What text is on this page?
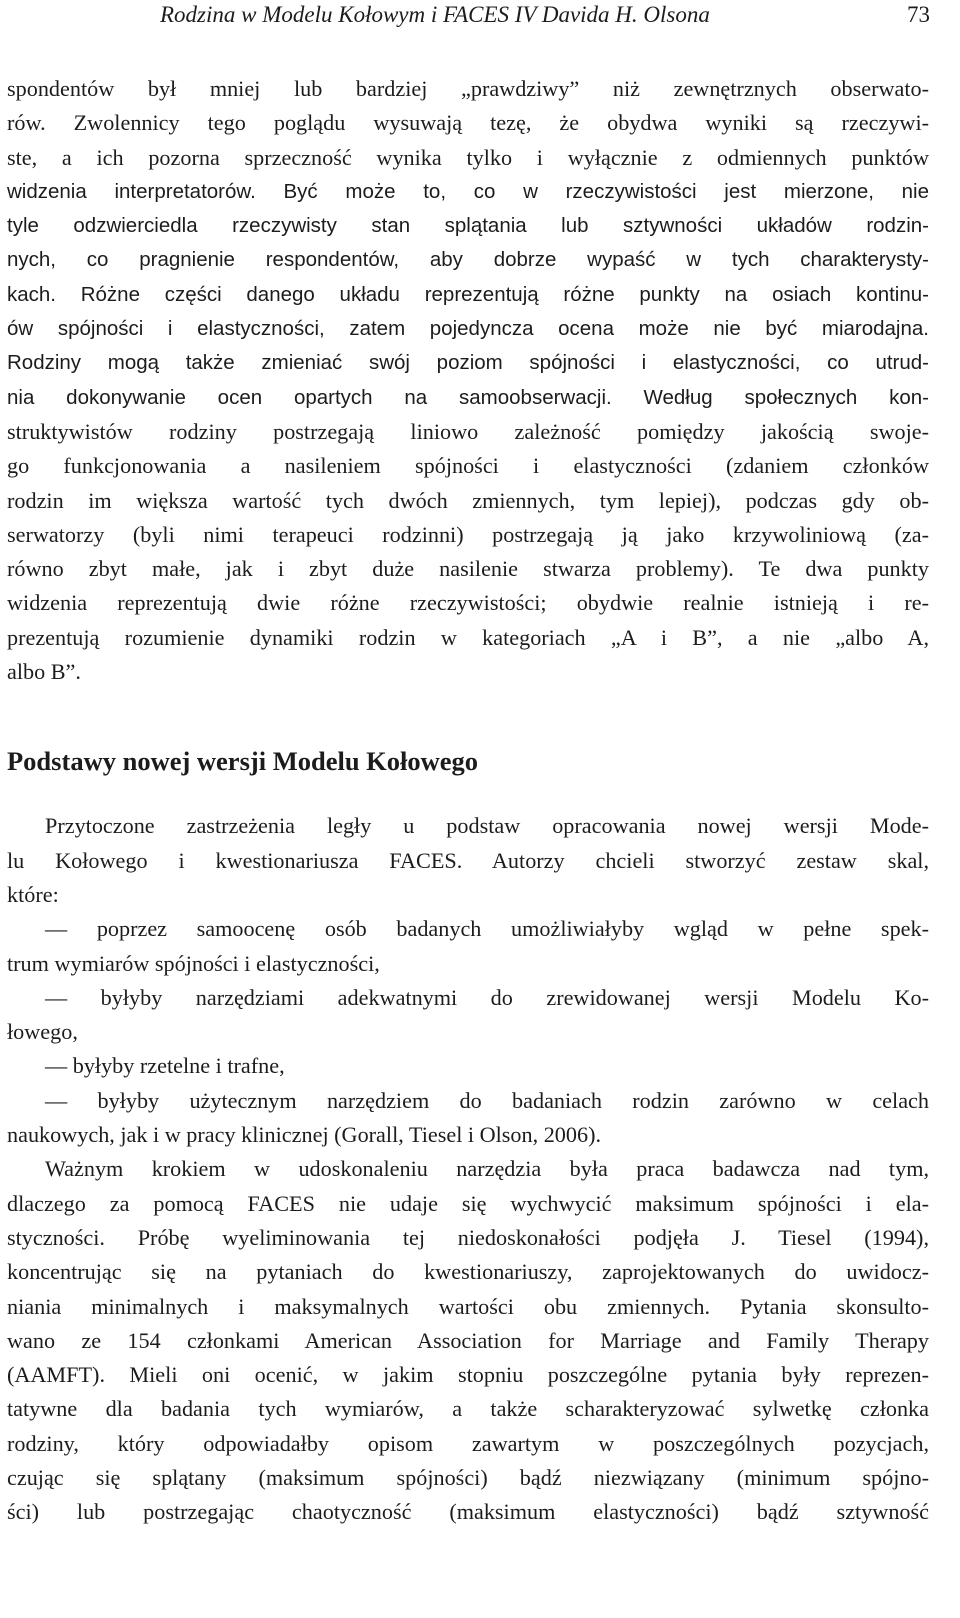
Rodzina w Modelu Kołowym i FACES IV Davida H. Olsona	73
spondentów był mniej lub bardziej „prawdziwy” niż zewnętrznych obserwato-
rów. Zwolennicy tego poglądu wysuwają tezę, że obydwa wyniki są rzeczywi-
ste, a ich pozorna sprzeczność wynika tylko i wyłącznie z odmiennych punktów
widzenia interpretatorów. Być może to, co w rzeczywistości jest mierzone, nie
tyle odzwierciedla rzeczywisty stan splątania lub sztywności układów rodzin-
nych, co pragnienie respondentów, aby dobrze wypaść w tych charakterysty-
kach. Różne części danego układu reprezentują różne punkty na osiach kontinu-
ów spójności i elastyczności, zatem pojedyncza ocena może nie być miarodajna.
Rodziny mogą także zmieniać swój poziom spójności i elastyczności, co utrud-
nia dokonywanie ocen opartych na samoobserwacji. Według społecznych kon-
struktywistów rodziny postrzegają liniowo zależność pomiędzy jakością swoje-
go funkcjonowania a nasileniem spójności i elastyczności (zdaniem członków
rodzin im większa wartość tych dwóch zmiennych, tym lepiej), podczas gdy ob-
serwatorzy (byli nimi terapeuci rodzinni) postrzegają ją jako krzywoliniową (za-
równo zbyt małe, jak i zbyt duże nasilenie stwarza problemy). Te dwa punkty
widzenia reprezentują dwie różne rzeczywistości; obydwie realnie istnieją i re-
prezentują rozumienie dynamiki rodzin w kategoriach „A i B”, a nie „albo A,
albo B”.
Podstawy nowej wersji Modelu Kołowego
Przytoczone zastrzeżenia legły u podstaw opracowania nowej wersji Mode-
lu Kołowego i kwestionariusza FACES. Autorzy chcieli stworzyć zestaw skal,
które:
— poprzez samoocenę osób badanych umożliwiałyby wgląd w pełne spek-
trum wymiarów spójności i elastyczności,
— byłyby narzędziami adekwatnymi do zrewidowanej wersji Modelu Ko-
łowego,
— byłyby rzetelne i trafne,
— byłyby użytecznym narzędziem do badaniach rodzin zarówno w celach
naukowych, jak i w pracy klinicznej (Gorall, Tiesel i Olson, 2006).
Ważnym krokiem w udoskonaleniu narzędzia była praca badawcza nad tym,
dlaczego za pomocą FACES nie udaje się wychwycić maksimum spójności i ela-
styczności. Próbę wyeliminowania tej niedoskonałości podjęła J. Tiesel (1994),
koncentrując się na pytaniach do kwestionariuszy, zaprojektowanych do uwidocz-
niania minimalnych i maksymalnych wartości obu zmiennych. Pytania skonsulto-
wano ze 154 członkami American Association for Marriage and Family Therapy
(AAMFT). Mieli oni ocenić, w jakim stopniu poszczególne pytania były reprezen-
tatywne dla badania tych wymiarów, a także scharakteryzować sylwetkę członka
rodziny, który odpowiadałby opisom zawartym w poszczególnych pozycjach,
czując się splątany (maksimum spójności) bądź niezwiązany (minimum spójno-
ści) lub postrzegając chaotyczność (maksimum elastyczności) bądź sztywność
